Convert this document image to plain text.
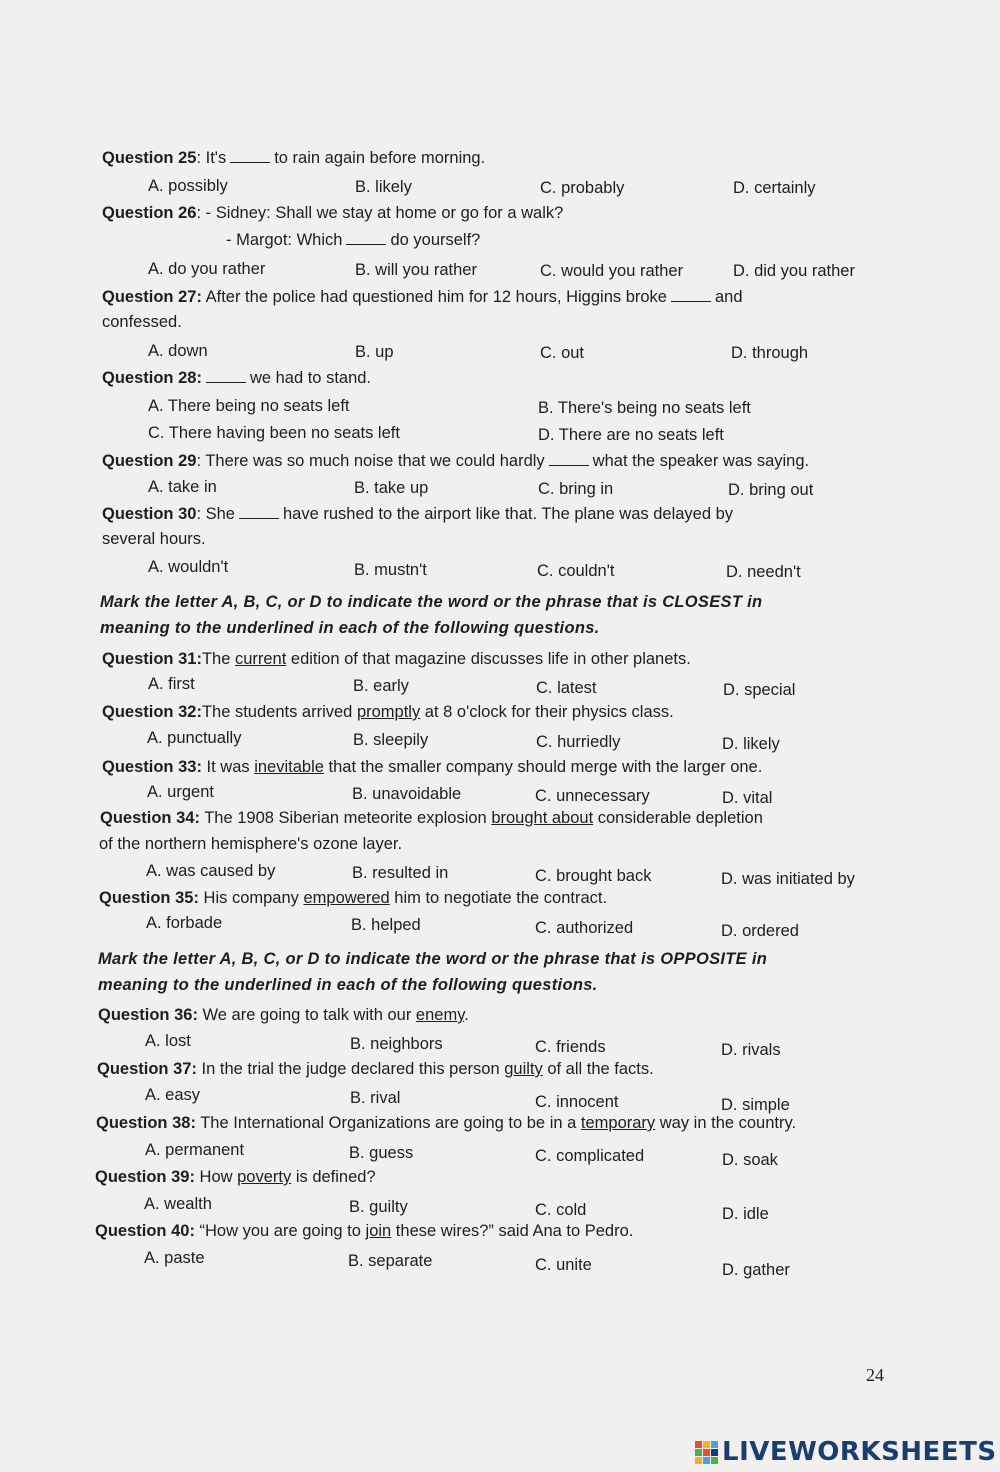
Question 25: It's	to rain again before morning.
A. possibly	B. likely	C. probably	D. certainly
Question 26: - Sidney: Shall we stay at home or go for a walk?
- Margot: Which	do yourself?
A. do you rather	B. will you rather	C. would you rather	D. did you rather
Question 27: After the police had questioned him for 12 hours, Higgins broke	and
confessed.
A. down	B. up	C. out	D. through
Question 28:	we had to stand.
A. There being no seats left	B. There's being no seats left
C. There having been no seats left	D. There are no seats left
Question 29: There was so much noise that we could hardly	what the speaker was saying.
A. take in	B. take up	C. bring in	D. bring out
Question 30: She	have rushed to the airport like that. The plane was delayed by
several hours.
A. wouldn't	B. mustn't	C. couldn't	D. needn't
Mark the letter A, B, C, or D to indicate the word or the phrase that is CLOSEST in
meaning to the underlined in each of the following questions.
Question 31:The current edition of that magazine discusses life in other planets.
A. first	B. early	C. latest	D. special
Question 32:The students arrived promptly at 8 o'clock for their physics class.
A. punctually	B. sleepily	C. hurriedly	D. likely
Question 33: It was inevitable that the smaller company should merge with the larger one.
A. urgent	B. unavoidable	C. unnecessary	D. vital
Question 34: The 1908 Siberian meteorite explosion brought about considerable depletion
of the northern hemisphere's ozone layer.
A. was caused by	B. resulted in	C. brought back	D. was initiated by
Question 35: His company empowered him to negotiate the contract.
A. forbade	B. helped	C. authorized	D. ordered
Mark the letter A, B, C, or D to indicate the word or the phrase that is OPPOSITE in
meaning to the underlined in each of the following questions.
Question 36: We are going to talk with our enemy.
A. lost	B. neighbors	C. friends	D. rivals
Question 37: In the trial the judge declared this person guilty of all the facts.
A. easy	B. rival	C. innocent	D. simple
Question 38: The International Organizations are going to be in a temporary way in the country.
A. permanent	B. guess	C. complicated	D. soak
Question 39: How poverty is defined?
A. wealth	B. guilty	C. cold	D. idle
Question 40: “How you are going to join these wires?” said Ana to Pedro.
A. paste	B. separate	C. unite	D. gather
24
LIVEWORKSHEETS
